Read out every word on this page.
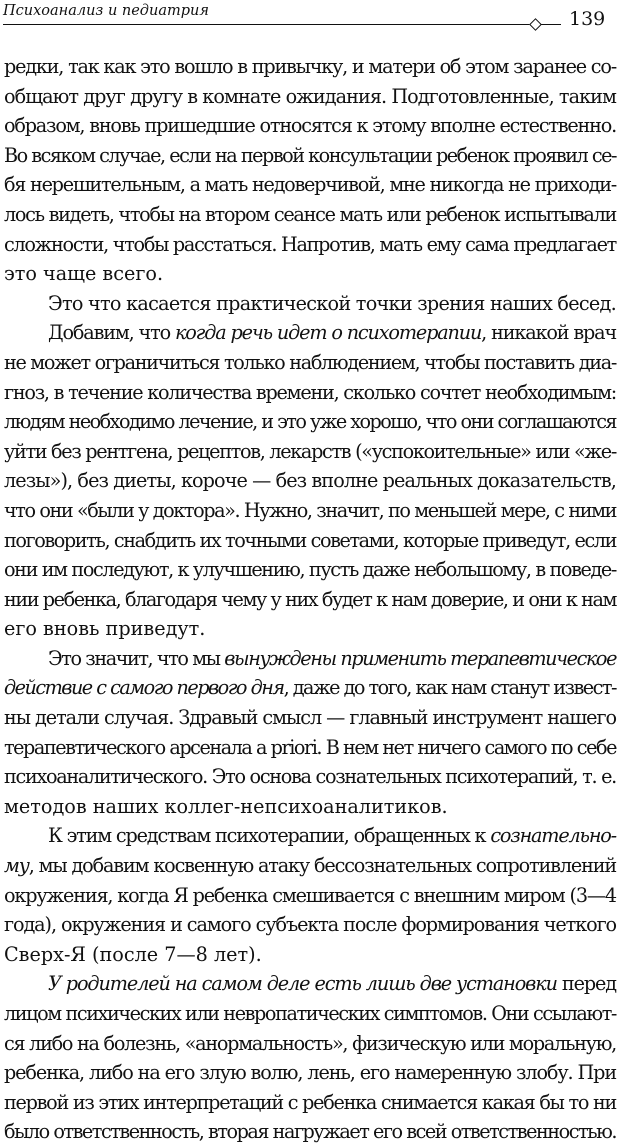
Психоанализ и педиатрия	139
редки, так как это вошло в привычку, и матери об этом заранее со-
общают друг другу в комнате ожидания. Подготовленные, таким
образом, вновь пришедшие относятся к этому вполне естественно.
Во всяком случае, если на первой консультации ребенок проявил се-
бя нерешительным, а мать недоверчивой, мне никогда не приходи-
лось видеть, чтобы на втором сеансе мать или ребенок испытывали
сложности, чтобы расстаться. Напротив, мать ему сама предлагает
это чаще всего.
Это что касается практической точки зрения наших бесед.
Добавим, что когда речь идет о психотерапии, никакой врач
не может ограничиться только наблюдением, чтобы поставить диа-
гноз, в течение количества времени, сколько сочтет необходимым:
людям необходимо лечение, и это уже хорошо, что они соглашаются
уйти без рентгена, рецептов, лекарств («успокоительные» или «же-
лезы»), без диеты, короче — без вполне реальных доказательств,
что они «были у доктора». Нужно, значит, по меньшей мере, с ними
поговорить, снабдить их точными советами, которые приведут, если
они им последуют, к улучшению, пусть даже небольшому, в поведе-
нии ребенка, благодаря чему у них будет к нам доверие, и они к нам
его вновь приведут.
Это значит, что мы вынуждены применить терапевтическое
действие с самого первого дня, даже до того, как нам станут извест-
ны детали случая. Здравый смысл — главный инструмент нашего
терапевтического арсенала a priori. В нем нет ничего самого по себе
психоаналитического. Это основа сознательных психотерапий, т. е.
методов наших коллег-непсихоаналитиков.
К этим средствам психотерапии, обращенных к сознательно-
му, мы добавим косвенную атаку бессознательных сопротивлений
окружения, когда Я ребенка смешивается с внешним миром (3—4
года), окружения и самого субъекта после формирования четкого
Сверх-Я (после 7—8 лет).
У родителей на самом деле есть лишь две установки перед
лицом психических или невропатических симптомов. Они ссылают-
ся либо на болезнь, «анормальность», физическую или моральную,
ребенка, либо на его злую волю, лень, его намеренную злобу. При
первой из этих интерпретаций с ребенка снимается какая бы то ни
было ответственность, вторая нагружает его всей ответственностью.
